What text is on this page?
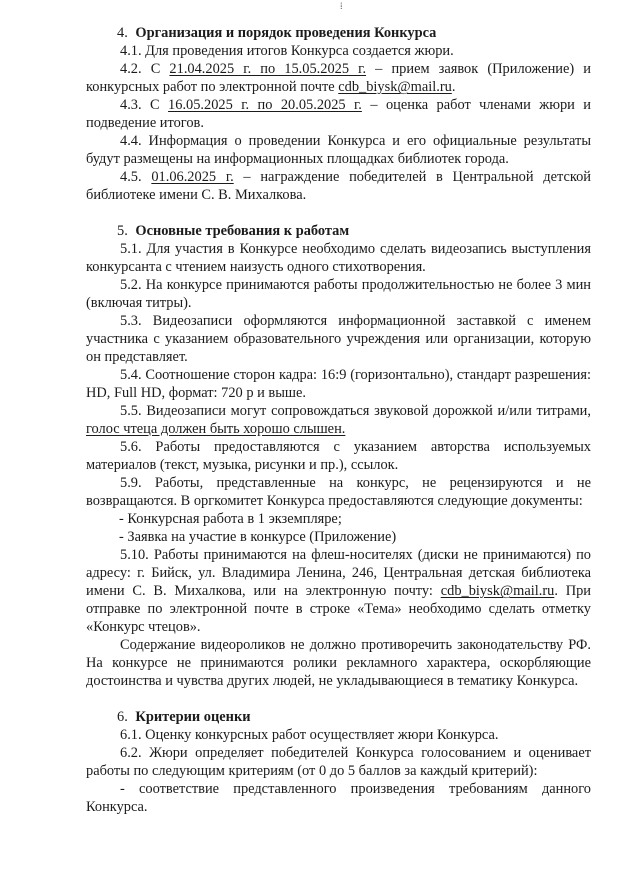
⁞
4. Организация и порядок проведения Конкурса

4.1. Для проведения итогов Конкурса создается жюри.

4.2. С 21.04.2025 г. по 15.05.2025 г. – прием заявок (Приложение) и конкурсных работ по электронной почте cdb_biysk@mail.ru.

4.3. С 16.05.2025 г. по 20.05.2025 г. – оценка работ членами жюри и подведение итогов.

4.4. Информация о проведении Конкурса и его официальные результаты будут размещены на информационных площадках библиотек города.

4.5. 01.06.2025 г. – награждение победителей в Центральной детской библиотеке имени С. В. Михалкова.

5. Основные требования к работам

5.1. Для участия в Конкурсе необходимо сделать видеозапись выступления конкурсанта с чтением наизусть одного стихотворения.

5.2. На конкурсе принимаются работы продолжительностью не более 3 мин (включая титры).

5.3. Видеозаписи оформляются информационной заставкой с именем участника с указанием образовательного учреждения или организации, которую он представляет.

5.4. Соотношение сторон кадра: 16:9 (горизонтально), стандарт разрешения: HD, Full HD, формат: 720 p и выше.

5.5. Видеозаписи могут сопровождаться звуковой дорожкой и/или титрами, голос чтеца должен быть хорошо слышен.

5.6. Работы предоставляются с указанием авторства используемых материалов (текст, музыка, рисунки и пр.), ссылок.

5.9. Работы, представленные на конкурс, не рецензируются и не возвращаются. В оргкомитет Конкурса предоставляются следующие документы:

- Конкурсная работа в 1 экземпляре;

- Заявка на участие в конкурсе (Приложение)

5.10. Работы принимаются на флеш-носителях (диски не принимаются) по адресу: г. Бийск, ул. Владимира Ленина, 246, Центральная детская библиотека имени С. В. Михалкова, или на электронную почту: cdb_biysk@mail.ru. При отправке по электронной почте в строке «Тема» необходимо сделать отметку «Конкурс чтецов».

Содержание видеороликов не должно противоречить законодательству РФ. На конкурсе не принимаются ролики рекламного характера, оскорбляющие достоинства и чувства других людей, не укладывающиеся в тематику Конкурса.

6. Критерии оценки

6.1. Оценку конкурсных работ осуществляет жюри Конкурса.

6.2. Жюри определяет победителей Конкурса голосованием и оценивает работы по следующим критериям (от 0 до 5 баллов за каждый критерий):

- соответствие представленного произведения требованиям данного Конкурса.
